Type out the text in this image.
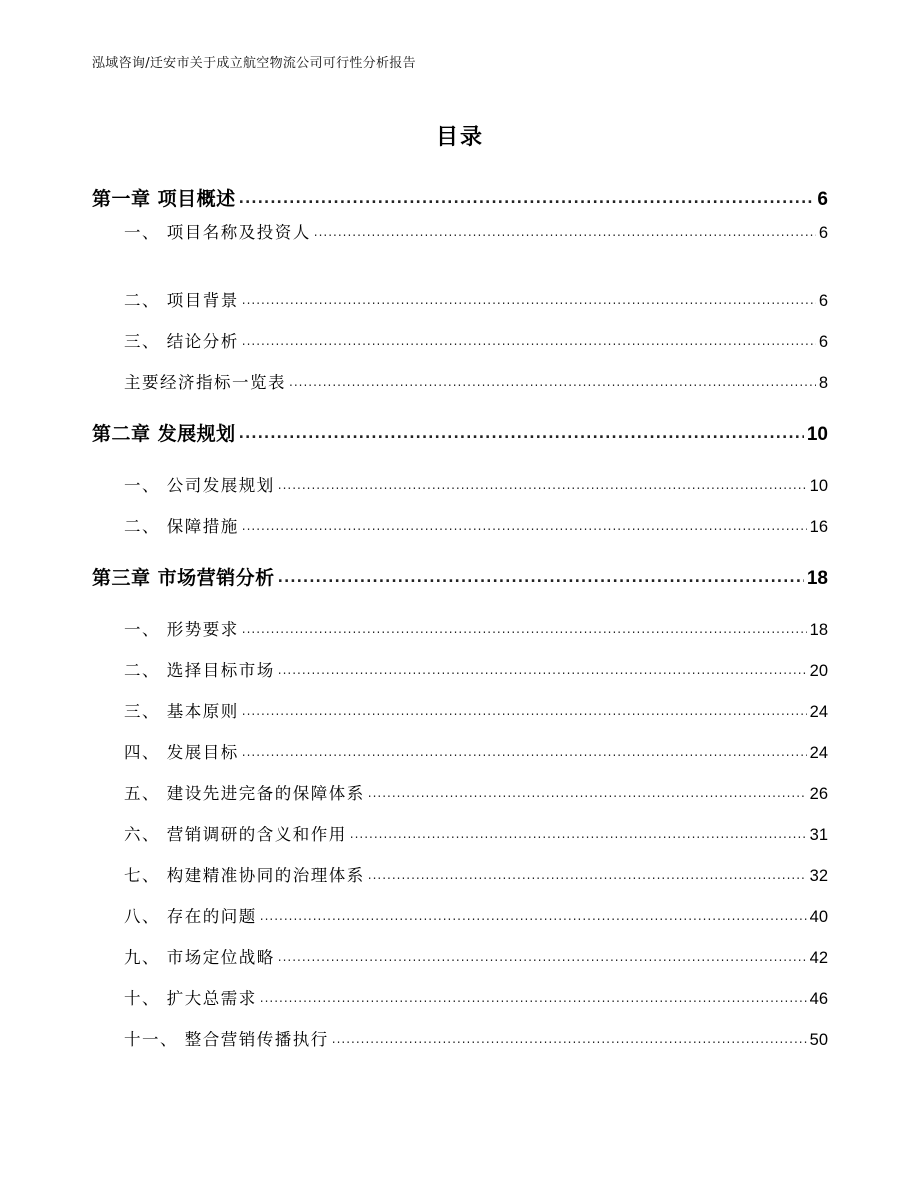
泓域咨询/迁安市关于成立航空物流公司可行性分析报告
目录
第一章 项目概述 .....	6
一、 项目名称及投资人 .....	6
二、 项目背景 .....	6
三、 结论分析 .....	6
主要经济指标一览表 .....	8
第二章 发展规划 .....	10
一、 公司发展规划 .....	10
二、 保障措施 .....	16
第三章 市场营销分析 .....	18
一、 形势要求 .....	18
二、 选择目标市场 .....	20
三、 基本原则 .....	24
四、 发展目标 .....	24
五、 建设先进完备的保障体系 .....	26
六、 营销调研的含义和作用 .....	31
七、 构建精准协同的治理体系 .....	32
八、 存在的问题 .....	40
九、 市场定位战略 .....	42
十、 扩大总需求 .....	46
十一、 整合营销传播执行 .....	50
